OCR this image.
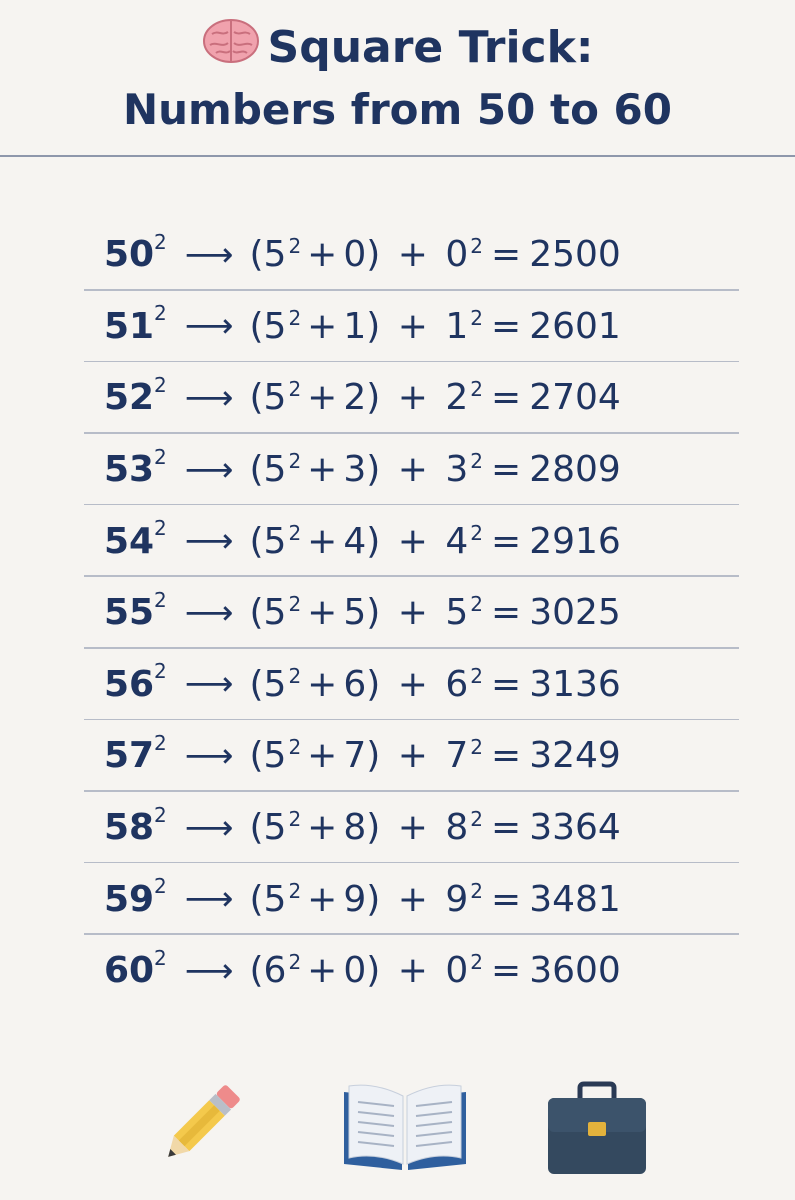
Square Trick:
Numbers from 50 to 60
50 2 ⟶ (5 $^2$ + 0) + 0 $^2$ = 2500
51 2 ⟶ (5 $^2$ + 1) + 1 $^2$ = 2601
52 2 ⟶ (5 $^2$ + 2) + 2 $^2$ = 2704
53 2 ⟶ (5 $^2$ + 3) + 3 $^2$ = 2809
54 2 ⟶ (5 $^2$ + 4) + 4 $^2$ = 2916
55 2 ⟶ (5 $^2$ + 5) + 5 $^2$ = 3025
56 2 ⟶ (5 $^2$ + 6) + 6 $^2$ = 3136
57 2 ⟶ (5 $^2$ + 7) + 7 $^2$ = 3249
58 2 ⟶ (5 $^2$ + 8) + 8 $^2$ = 3364
59 2 ⟶ (5 $^2$ + 9) + 9 $^2$ = 3481
60 2 ⟶ (6 $^2$ + 0) + 0 $^2$ = 3600
